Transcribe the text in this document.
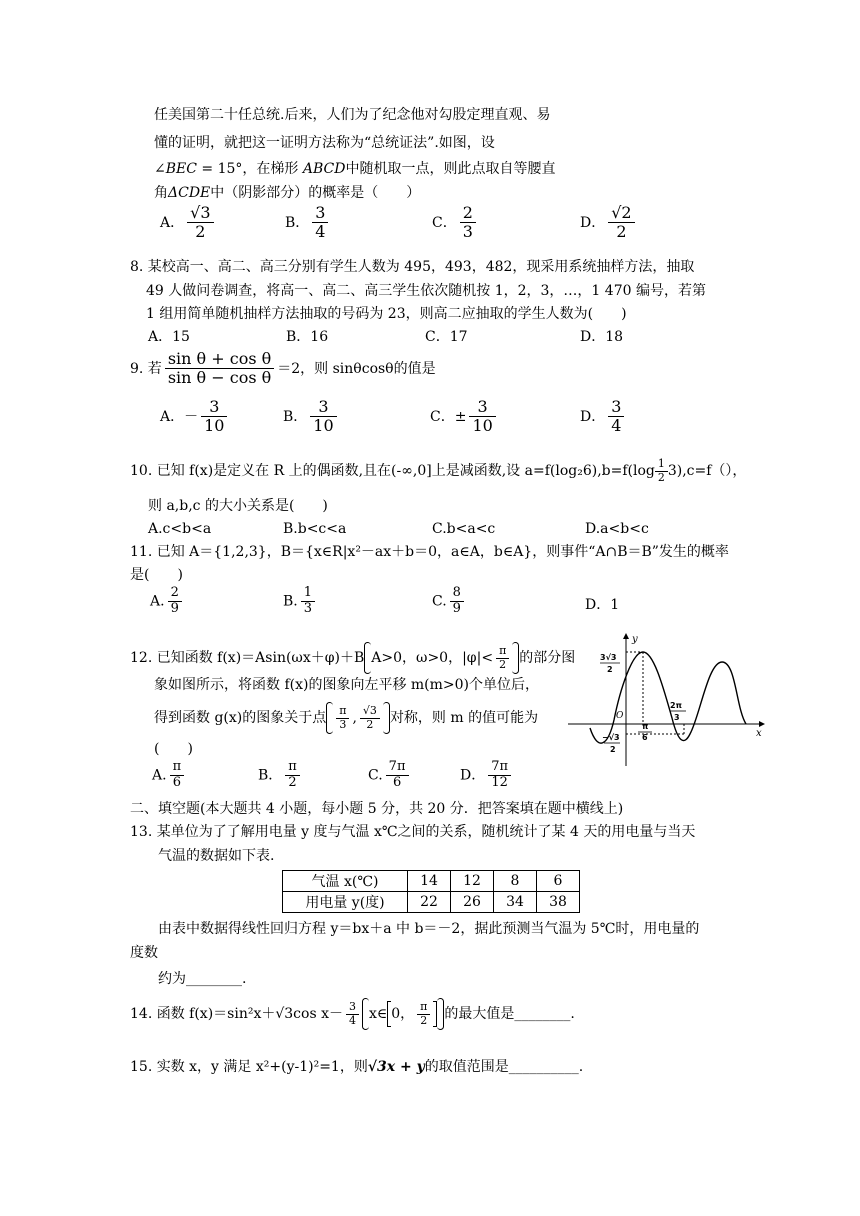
任美国第二十任总统.后来，人们为了纪念他对勾股定理直观、易
懂的证明，就把这一证明方法称为“总统证法”.如图，设
∠BEC = 15°，在梯形 ABCD中随机取一点，则此点取自等腰直
角ΔCDE中（阴影部分）的概率是（　　）
A． $\frac{√3}{2}$	B． $\frac{3}{4}$	C． $\frac{2}{3}$	D． $\frac{√2}{2}$
8. 某校高一、高二、高三分别有学生人数为 495，493，482，现采用系统抽样方法，抽取
49 人做问卷调查，将高一、高二、高三学生依次随机按 1，2，3，…，1 470 编号，若第
1 组用简单随机抽样方法抽取的号码为 23，则高二应抽取的学生人数为(　　)
A．15	B．16	C．17	D．18
9. 若 $\frac{\text{sin θ + cos θ}}{\text{sin θ − cos θ}} =2$，则 sinθcosθ的值是
A．－ $\frac{3}{10}$	B． $\frac{3}{10}$	C．± $\frac{3}{10}$	D． $\frac{3}{4}$
10. 已知 f(x)是定义在 R 上的偶函数,且在(-∞,0]上是减函数,设 $a=f(\log_26),b=f(\log \frac{1}{2} 3),c=f()$，
则 a,b,c 的大小关系是(　　)
A.c<b<a	B.b<c<a	C.b<a<c	D.a<b<c
11. 已知 A＝{1,2,3}，B＝{x∈R|x²－ax＋b＝0，a∈A，b∈A}，则事件“A∩B＝B”发生的概率
是(　　)
A. $\frac{2}{9}$	B. $\frac{1}{3}$	C. $\frac{8}{9}$	D．1
12. 已知函数 f(x)＝Asin(ωx＋φ)＋B A>0，ω>0，$|\varphi|< \frac{\pi}{2}$ 的部分图
象如图所示，将函数 f(x)的图象向左平移 m(m>0)个单位后，
得到函数 g(x)的图象关于点 $\frac{\pi}{3}$ , $\frac{√3}{2}$ 对称，则 m 的值可能为
(　　)
A. $\frac{\pi}{6}$	B． $\frac{\pi}{2}$	C. $\frac{7\pi}{6}$	D． $\frac{7\pi}{12}$
y
x
O
3√3
2
−√3
2
π
6
2π
3
二、填空题(本大题共 4 小题，每小题 5 分，共 20 分．把答案填在题中横线上)
13. 某单位为了了解用电量 y 度与气温 x℃之间的关系，随机统计了某 4 天的用电量与当天
气温的数据如下表.
气温 x(℃)	14	12	8	6
用电量 y(度)	22	26	34	38
由表中数据得线性回归方程 y＝bx＋a 中 b＝－2，据此预测当气温为 5℃时，用电量的
度数
约为________.
14. 函数 f(x)＝sin²x＋√3cos $x- \frac{3}{4}$ x∈ 0， $\frac{\pi}{2}$ 的最大值是________.
15. 实数 x，y 满足 x²+(y-1)²=1，则√3x + y的取值范围是__________.
